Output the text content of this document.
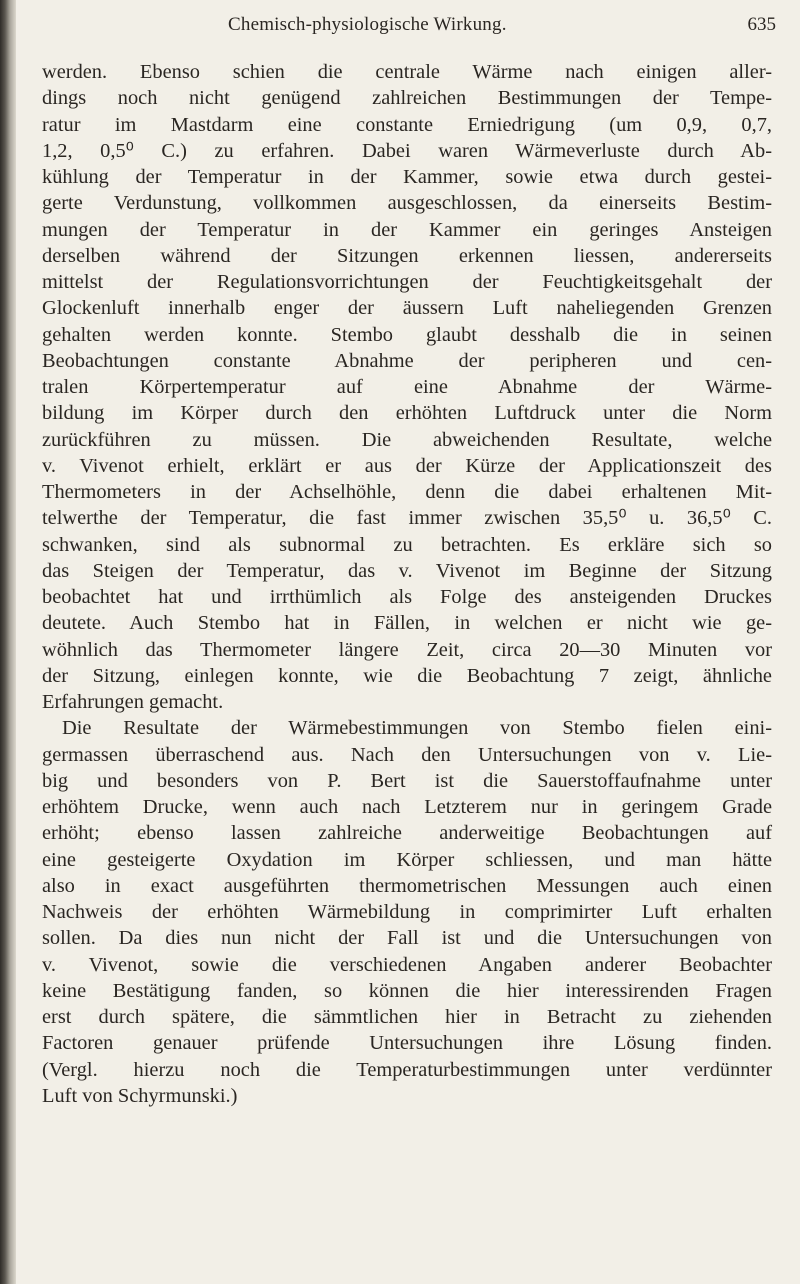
Chemisch-physiologische Wirkung.	635
werden. Ebenso schien die centrale Wärme nach einigen aller-
dings noch nicht genügend zahlreichen Bestimmungen der Tempe-
ratur im Mastdarm eine constante Erniedrigung (um 0,9, 0,7,
1,2, 0,5⁰ C.) zu erfahren. Dabei waren Wärmeverluste durch Ab-
kühlung der Temperatur in der Kammer, sowie etwa durch gestei-
gerte Verdunstung, vollkommen ausgeschlossen, da einerseits Bestim-
mungen der Temperatur in der Kammer ein geringes Ansteigen
derselben während der Sitzungen erkennen liessen, andererseits
mittelst der Regulationsvorrichtungen der Feuchtigkeitsgehalt der
Glockenluft innerhalb enger der äussern Luft naheliegenden Grenzen
gehalten werden konnte. Stembo glaubt desshalb die in seinen
Beobachtungen constante Abnahme der peripheren und cen-
tralen Körpertemperatur auf eine Abnahme der Wärme-
bildung im Körper durch den erhöhten Luftdruck unter die Norm
zurückführen zu müssen. Die abweichenden Resultate, welche
v. Vivenot erhielt, erklärt er aus der Kürze der Applicationszeit des
Thermometers in der Achselhöhle, denn die dabei erhaltenen Mit-
telwerthe der Temperatur, die fast immer zwischen 35,5⁰ u. 36,5⁰ C.
schwanken, sind als subnormal zu betrachten. Es erkläre sich so
das Steigen der Temperatur, das v. Vivenot im Beginne der Sitzung
beobachtet hat und irrthümlich als Folge des ansteigenden Druckes
deutete. Auch Stembo hat in Fällen, in welchen er nicht wie ge-
wöhnlich das Thermometer längere Zeit, circa 20—30 Minuten vor
der Sitzung, einlegen konnte, wie die Beobachtung 7 zeigt, ähnliche
Erfahrungen gemacht.
Die Resultate der Wärmebestimmungen von Stembo fielen eini-
germassen überraschend aus. Nach den Untersuchungen von v. Lie-
big und besonders von P. Bert ist die Sauerstoffaufnahme unter
erhöhtem Drucke, wenn auch nach Letzterem nur in geringem Grade
erhöht; ebenso lassen zahlreiche anderweitige Beobachtungen auf
eine gesteigerte Oxydation im Körper schliessen, und man hätte
also in exact ausgeführten thermometrischen Messungen auch einen
Nachweis der erhöhten Wärmebildung in comprimirter Luft erhalten
sollen. Da dies nun nicht der Fall ist und die Untersuchungen von
v. Vivenot, sowie die verschiedenen Angaben anderer Beobachter
keine Bestätigung fanden, so können die hier interessirenden Fragen
erst durch spätere, die sämmtlichen hier in Betracht zu ziehenden
Factoren genauer prüfende Untersuchungen ihre Lösung finden.
(Vergl. hierzu noch die Temperaturbestimmungen unter verdünnter
Luft von Schyrmunski.)
